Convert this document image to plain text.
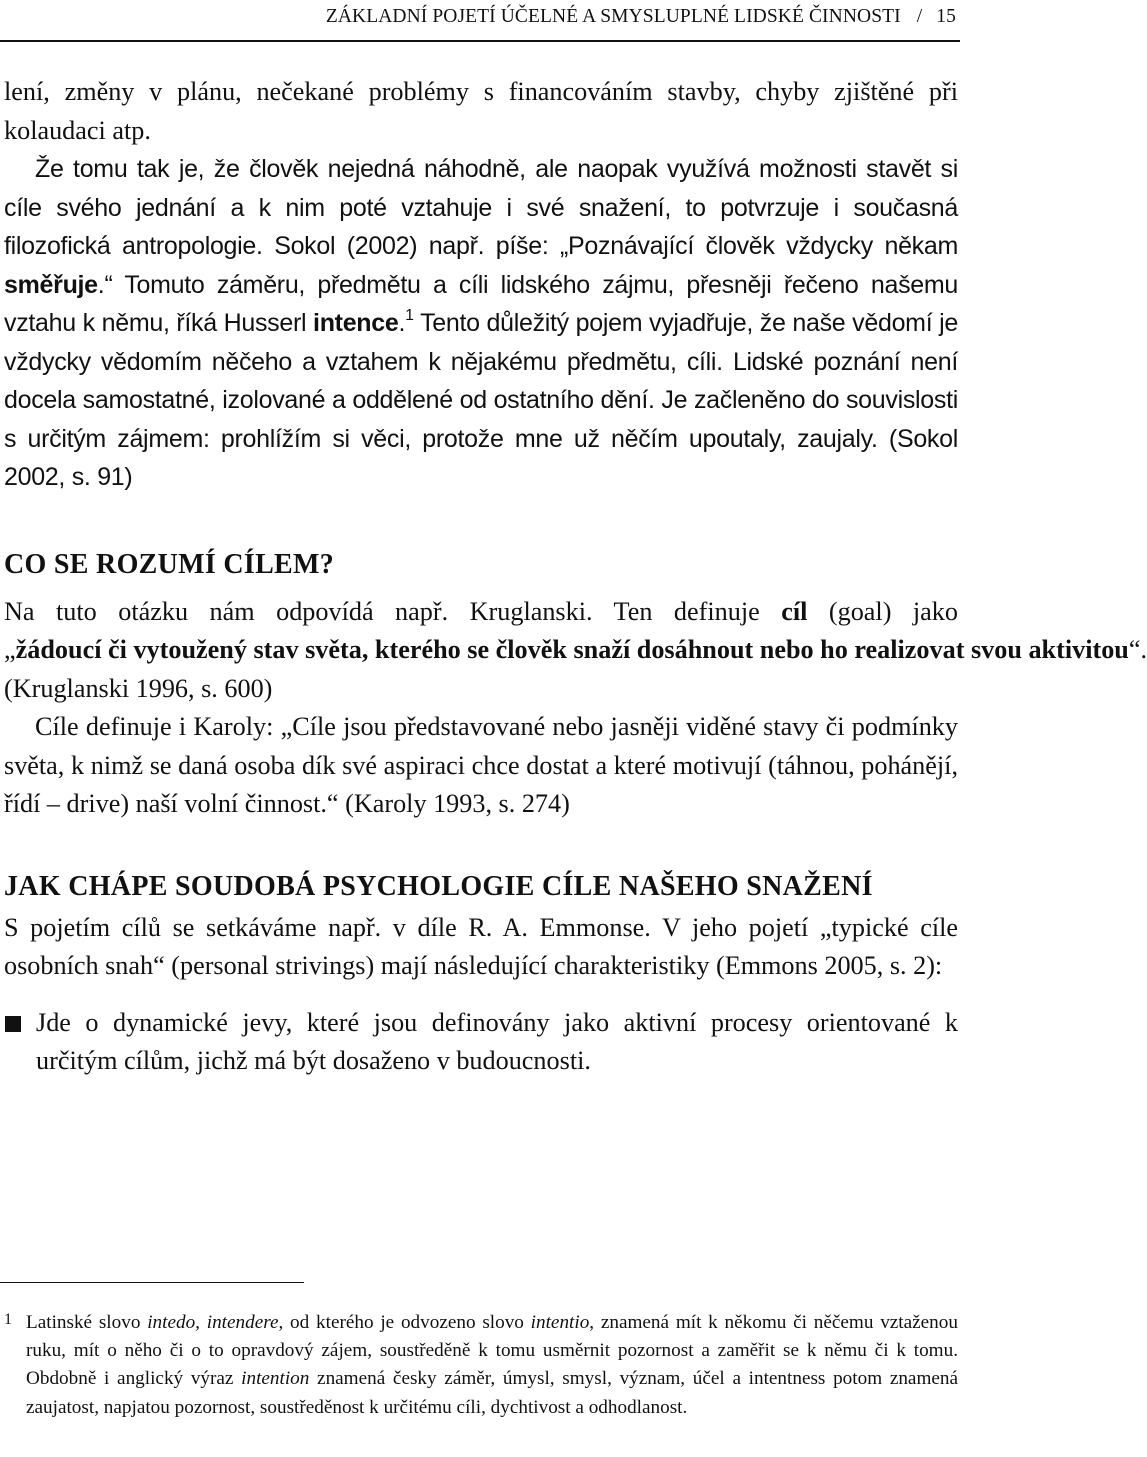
ZÁKLADNÍ POJETÍ ÚČELNÉ A SMYSLUPLNÉ LIDSKÉ ČINNOSTI / 15

lení, změny v plánu, nečekané problémy s financováním stavby, chyby zjištěné při kolaudaci atp.

Že tomu tak je, že člověk nejedná náhodně, ale naopak využívá možnosti stavět si cíle svého jednání a k nim poté vztahuje i své snažení, to potvrzuje i současná filozofická antropologie. Sokol (2002) např. píše: „Poznávající člověk vždycky někam směřuje.“ Tomuto záměru, předmětu a cíli lidského zájmu, přesněji řečeno našemu vztahu k němu, říká Husserl intence.$^1$ Tento důležitý pojem vyjadřuje, že naše vědomí je vždycky vědomím něčeho a vztahem k nějakému předmětu, cíli. Lidské poznání není docela samostatné, izolované a oddělené od ostatního dění. Je začleněno do souvislosti s určitým zájmem: prohlížím si věci, protože mne už něčím upoutaly, zaujaly. (Sokol 2002, s. 91)

CO SE ROZUMÍ CÍLEM?

Na tuto otázku nám odpovídá např. Kruglanski. Ten definuje cíl (goal) jako „žádoucí či vytoužený stav světa, kterého se člověk snaží dosáhnout nebo ho realizovat svou aktivitou“. (Kruglanski 1996, s. 600)

Cíle definuje i Karoly: „Cíle jsou představované nebo jasněji viděné stavy či podmínky světa, k nimž se daná osoba dík své aspiraci chce dostat a které motivují (táhnou, pohánějí, řídí – drive) naší volní činnost.“ (Karoly 1993, s. 274)

JAK CHÁPE SOUDOBÁ PSYCHOLOGIE CÍLE NAŠEHO SNAŽENÍ

S pojetím cílů se setkáváme např. v díle R. A. Emmonse. V jeho pojetí „typické cíle osobních snah“ (personal strivings) mají následující charakteristiky (Emmons 2005, s. 2):

Jde o dynamické jevy, které jsou definovány jako aktivní procesy orientované k určitým cílům, jichž má být dosaženo v budoucnosti.

1 Latinské slovo intedo, intendere, od kterého je odvozeno slovo intentio, znamená mít k někomu či něčemu vztaženou ruku, mít o něho či o to opravdový zájem, soustředěně k tomu usměrnit pozornost a zaměřit se k němu či k tomu. Obdobně i anglický výraz intention znamená česky záměr, úmysl, smysl, význam, účel a intentness potom znamená zaujatost, napjatou pozornost, soustředěnost k určitému cíli, dychtivost a odhodlanost.
